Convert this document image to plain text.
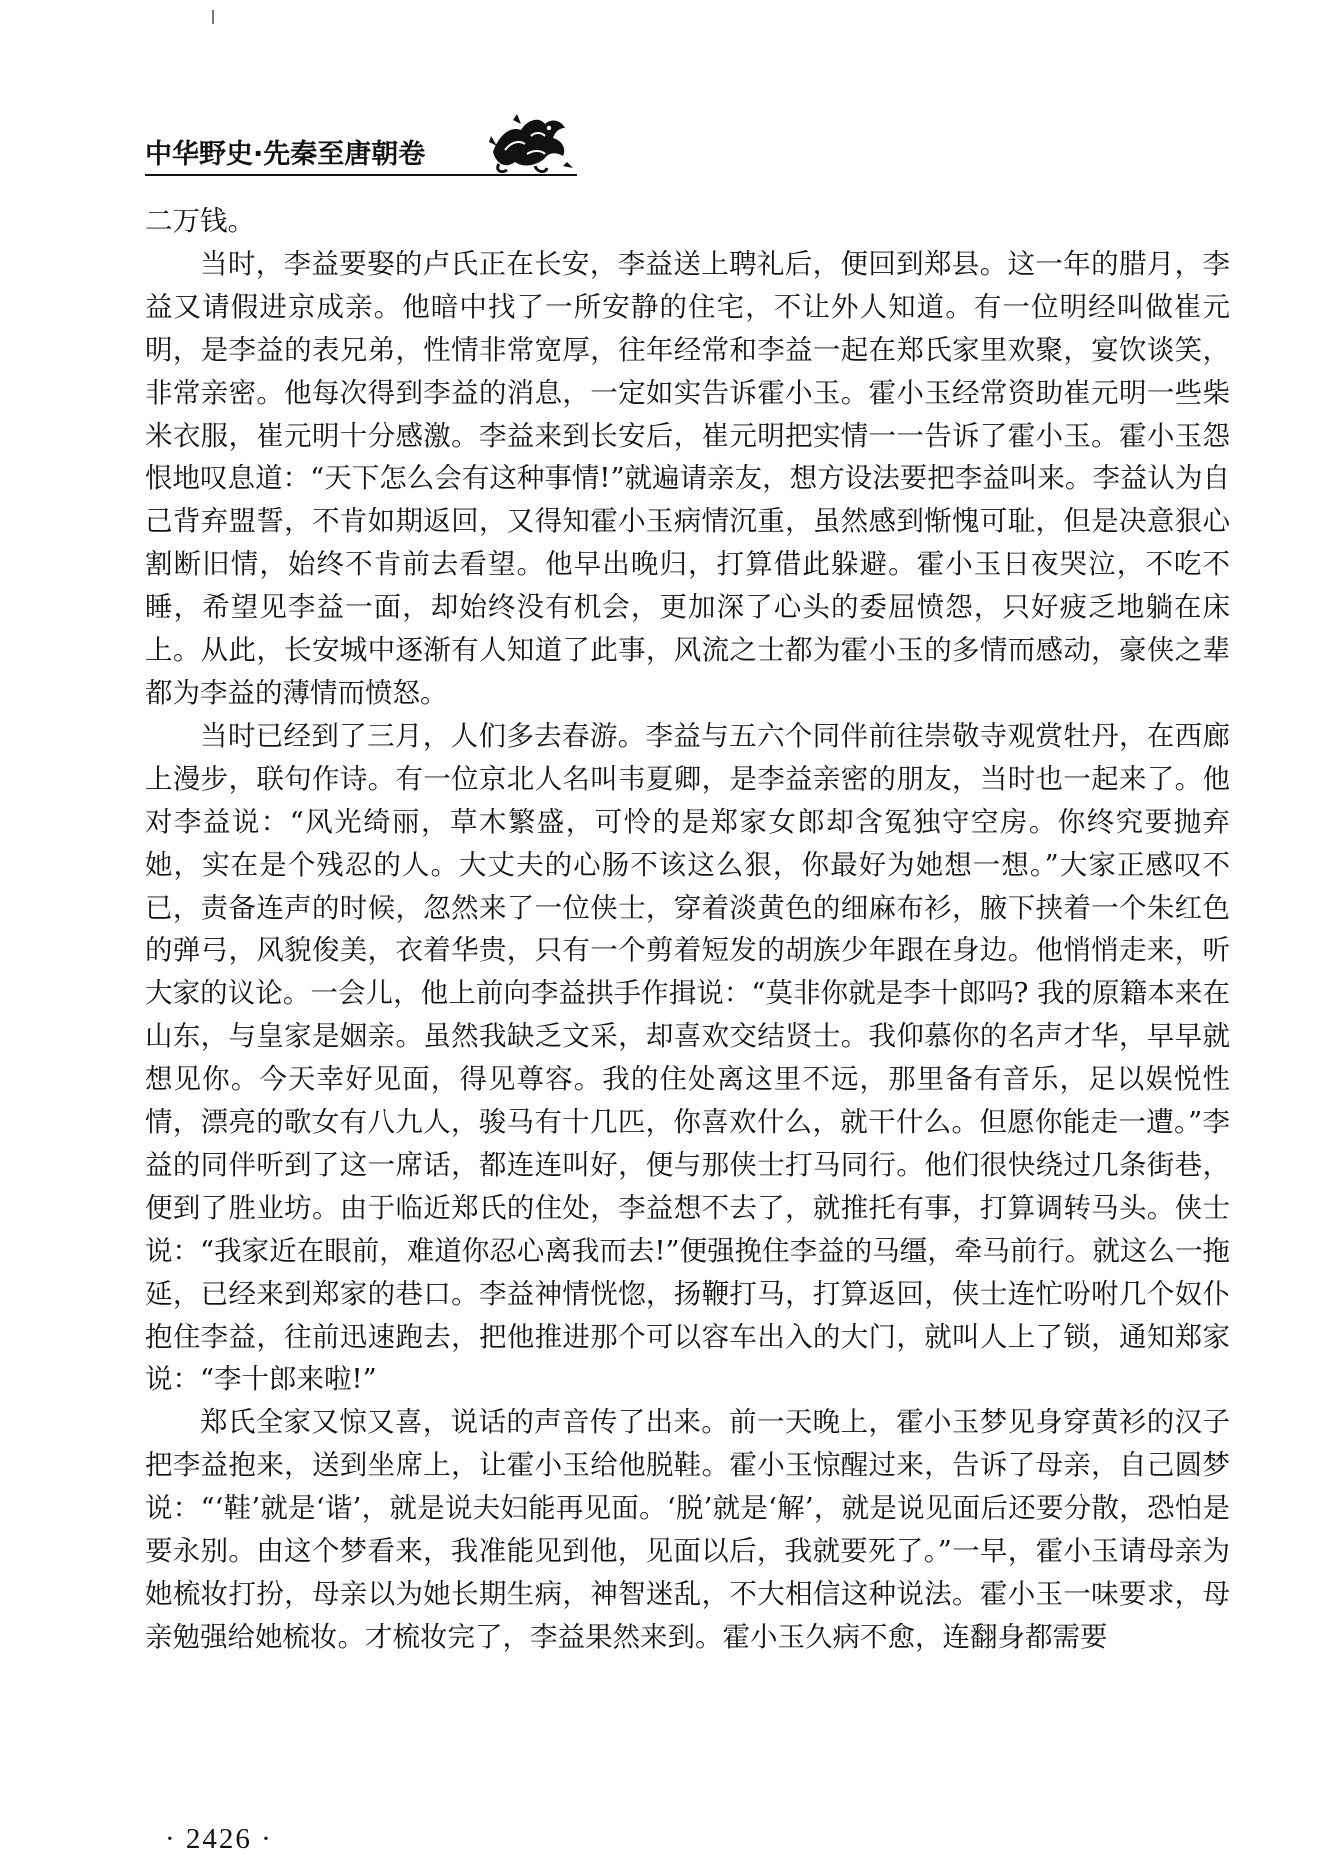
中华野史·先秦至唐朝卷

二万钱。

当时，李益要娶的卢氏正在长安，李益送上聘礼后，便回到郑县。这一年的腊月，李益又请假进京成亲。他暗中找了一所安静的住宅，不让外人知道。有一位明经叫做崔元明，是李益的表兄弟，性情非常宽厚，往年经常和李益一起在郑氏家里欢聚，宴饮谈笑，非常亲密。他每次得到李益的消息，一定如实告诉霍小玉。霍小玉经常资助崔元明一些柴米衣服，崔元明十分感激。李益来到长安后，崔元明把实情一一告诉了霍小玉。霍小玉怨恨地叹息道：“天下怎么会有这种事情!”就遍请亲友，想方设法要把李益叫来。李益认为自己背弃盟誓，不肯如期返回，又得知霍小玉病情沉重，虽然感到惭愧可耻，但是决意狠心割断旧情，始终不肯前去看望。他早出晚归，打算借此躲避。霍小玉日夜哭泣，不吃不睡，希望见李益一面，却始终没有机会，更加深了心头的委屈愤怨，只好疲乏地躺在床上。从此，长安城中逐渐有人知道了此事，风流之士都为霍小玉的多情而感动，豪侠之辈都为李益的薄情而愤怒。

当时已经到了三月，人们多去春游。李益与五六个同伴前往崇敬寺观赏牡丹，在西廊上漫步，联句作诗。有一位京北人名叫韦夏卿，是李益亲密的朋友，当时也一起来了。他对李益说：“风光绮丽，草木繁盛，可怜的是郑家女郎却含冤独守空房。你终究要抛弃她，实在是个残忍的人。大丈夫的心肠不该这么狠，你最好为她想一想。”大家正感叹不已，责备连声的时候，忽然来了一位侠士，穿着淡黄色的细麻布衫，腋下挟着一个朱红色的弹弓，风貌俊美，衣着华贵，只有一个剪着短发的胡族少年跟在身边。他悄悄走来，听大家的议论。一会儿，他上前向李益拱手作揖说：“莫非你就是李十郎吗? 我的原籍本来在山东，与皇家是姻亲。虽然我缺乏文采，却喜欢交结贤士。我仰慕你的名声才华，早早就想见你。今天幸好见面，得见尊容。我的住处离这里不远，那里备有音乐，足以娱悦性情，漂亮的歌女有八九人，骏马有十几匹，你喜欢什么，就干什么。但愿你能走一遭。”李益的同伴听到了这一席话，都连连叫好，便与那侠士打马同行。他们很快绕过几条街巷，便到了胜业坊。由于临近郑氏的住处，李益想不去了，就推托有事，打算调转马头。侠士说：“我家近在眼前，难道你忍心离我而去!”便强挽住李益的马缰，牵马前行。就这么一拖延，已经来到郑家的巷口。李益神情恍惚，扬鞭打马，打算返回，侠士连忙吩咐几个奴仆抱住李益，往前迅速跑去，把他推进那个可以容车出入的大门，就叫人上了锁，通知郑家说：“李十郎来啦!”

郑氏全家又惊又喜，说话的声音传了出来。前一天晚上，霍小玉梦见身穿黄衫的汉子把李益抱来，送到坐席上，让霍小玉给他脱鞋。霍小玉惊醒过来，告诉了母亲，自己圆梦说：“‘鞋’就是‘谐’，就是说夫妇能再见面。‘脱’就是‘解’，就是说见面后还要分散，恐怕是要永别。由这个梦看来，我准能见到他，见面以后，我就要死了。”一早，霍小玉请母亲为她梳妆打扮，母亲以为她长期生病，神智迷乱，不大相信这种说法。霍小玉一味要求，母亲勉强给她梳妆。才梳妆完了，李益果然来到。霍小玉久病不愈，连翻身都需要

· 2426 ·
